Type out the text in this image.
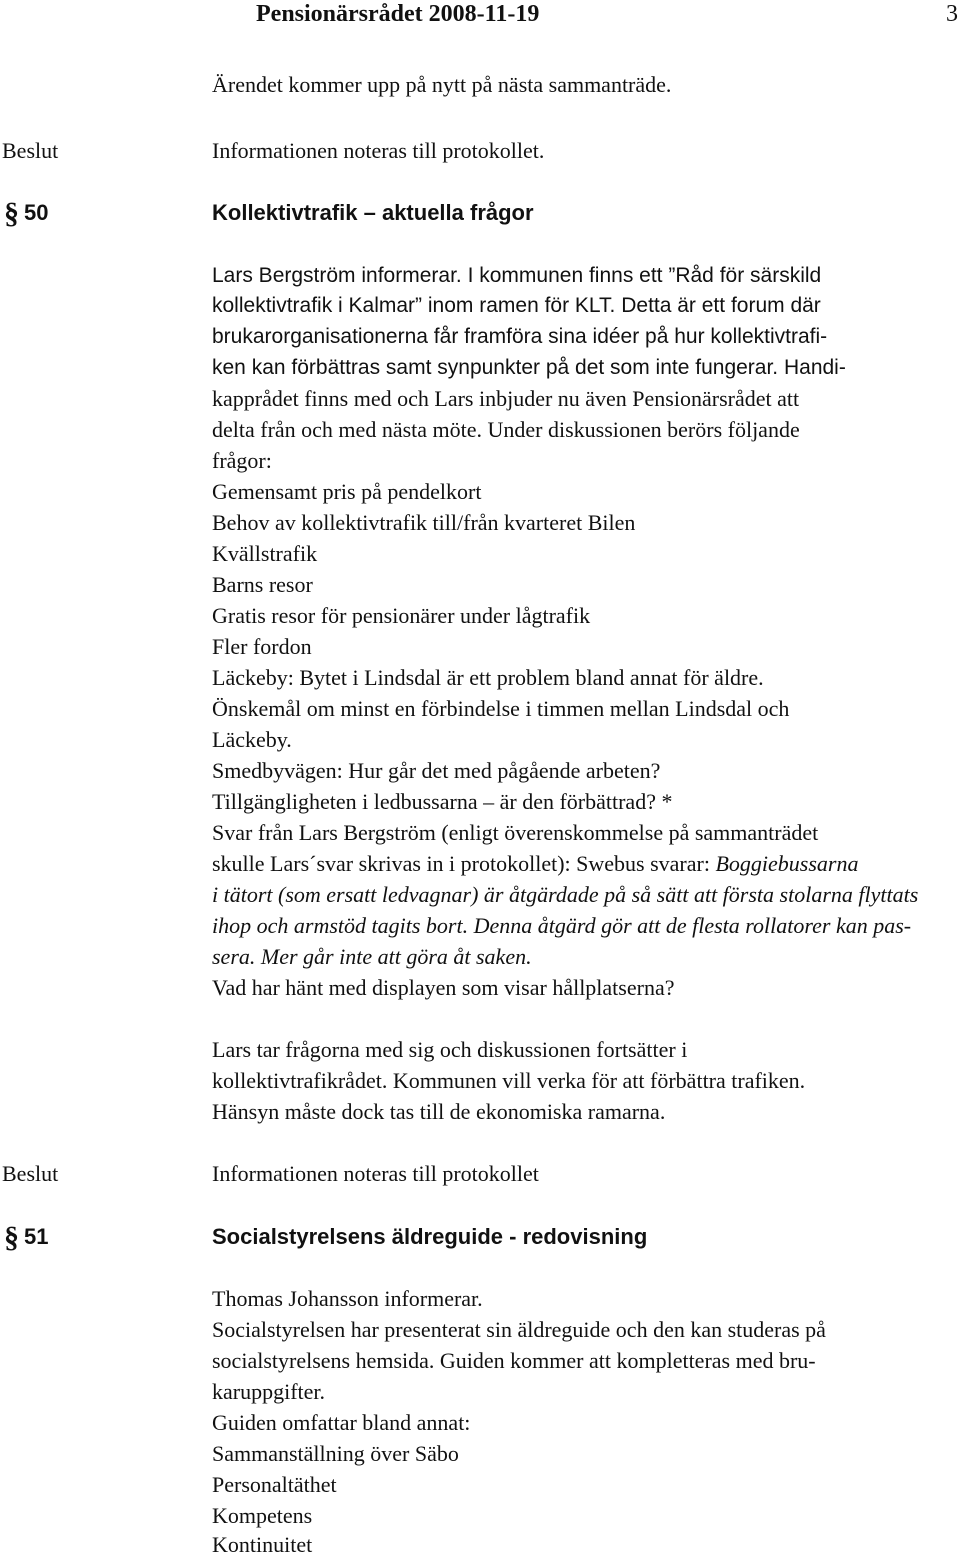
Pensionärsrådet 2008-11-19	3
Ärendet kommer upp på nytt på nästa sammanträde.
Beslut	Informationen noteras till protokollet.
§ 50	Kollektivtrafik – aktuella frågor
Lars Bergström informerar. I kommunen finns ett ”Råd för särskild
kollektivtrafik i Kalmar” inom ramen för KLT. Detta är ett forum där
brukarorganisationerna får framföra sina idéer på hur kollektivtrafi-
ken kan förbättras samt synpunkter på det som inte fungerar. Handi-
kapprådet finns med och Lars inbjuder nu även Pensionärsrådet att
delta från och med nästa möte. Under diskussionen berörs följande
frågor:
Gemensamt pris på pendelkort
Behov av kollektivtrafik till/från kvarteret Bilen
Kvällstrafik
Barns resor
Gratis resor för pensionärer under lågtrafik
Fler fordon
Läckeby: Bytet i Lindsdal är ett problem bland annat för äldre.
Önskemål om minst en förbindelse i timmen mellan Lindsdal och
Läckeby.
Smedbyvägen: Hur går det med pågående arbeten?
Tillgängligheten i ledbussarna – är den förbättrad? *
Svar från Lars Bergström (enligt överenskommelse på sammanträdet
skulle Lars´svar skrivas in i protokollet): Swebus svarar: Boggiebussarna
i tätort (som ersatt ledvagnar) är åtgärdade på så sätt att första stolarna flyttats
ihop och armstöd tagits bort. Denna åtgärd gör att de flesta rollatorer kan pas-
sera. Mer går inte att göra åt saken.
Vad har hänt med displayen som visar hållplatserna?
Lars tar frågorna med sig och diskussionen fortsätter i
kollektivtrafikrådet. Kommunen vill verka för att förbättra trafiken.
Hänsyn måste dock tas till de ekonomiska ramarna.
Beslut	Informationen noteras till protokollet
§ 51	Socialstyrelsens äldreguide - redovisning
Thomas Johansson informerar.
Socialstyrelsen har presenterat sin äldreguide och den kan studeras på
socialstyrelsens hemsida. Guiden kommer att kompletteras med bru-
karuppgifter.
Guiden omfattar bland annat:
Sammanställning över Säbo
Personaltäthet
Kompetens
Kontinuitet
